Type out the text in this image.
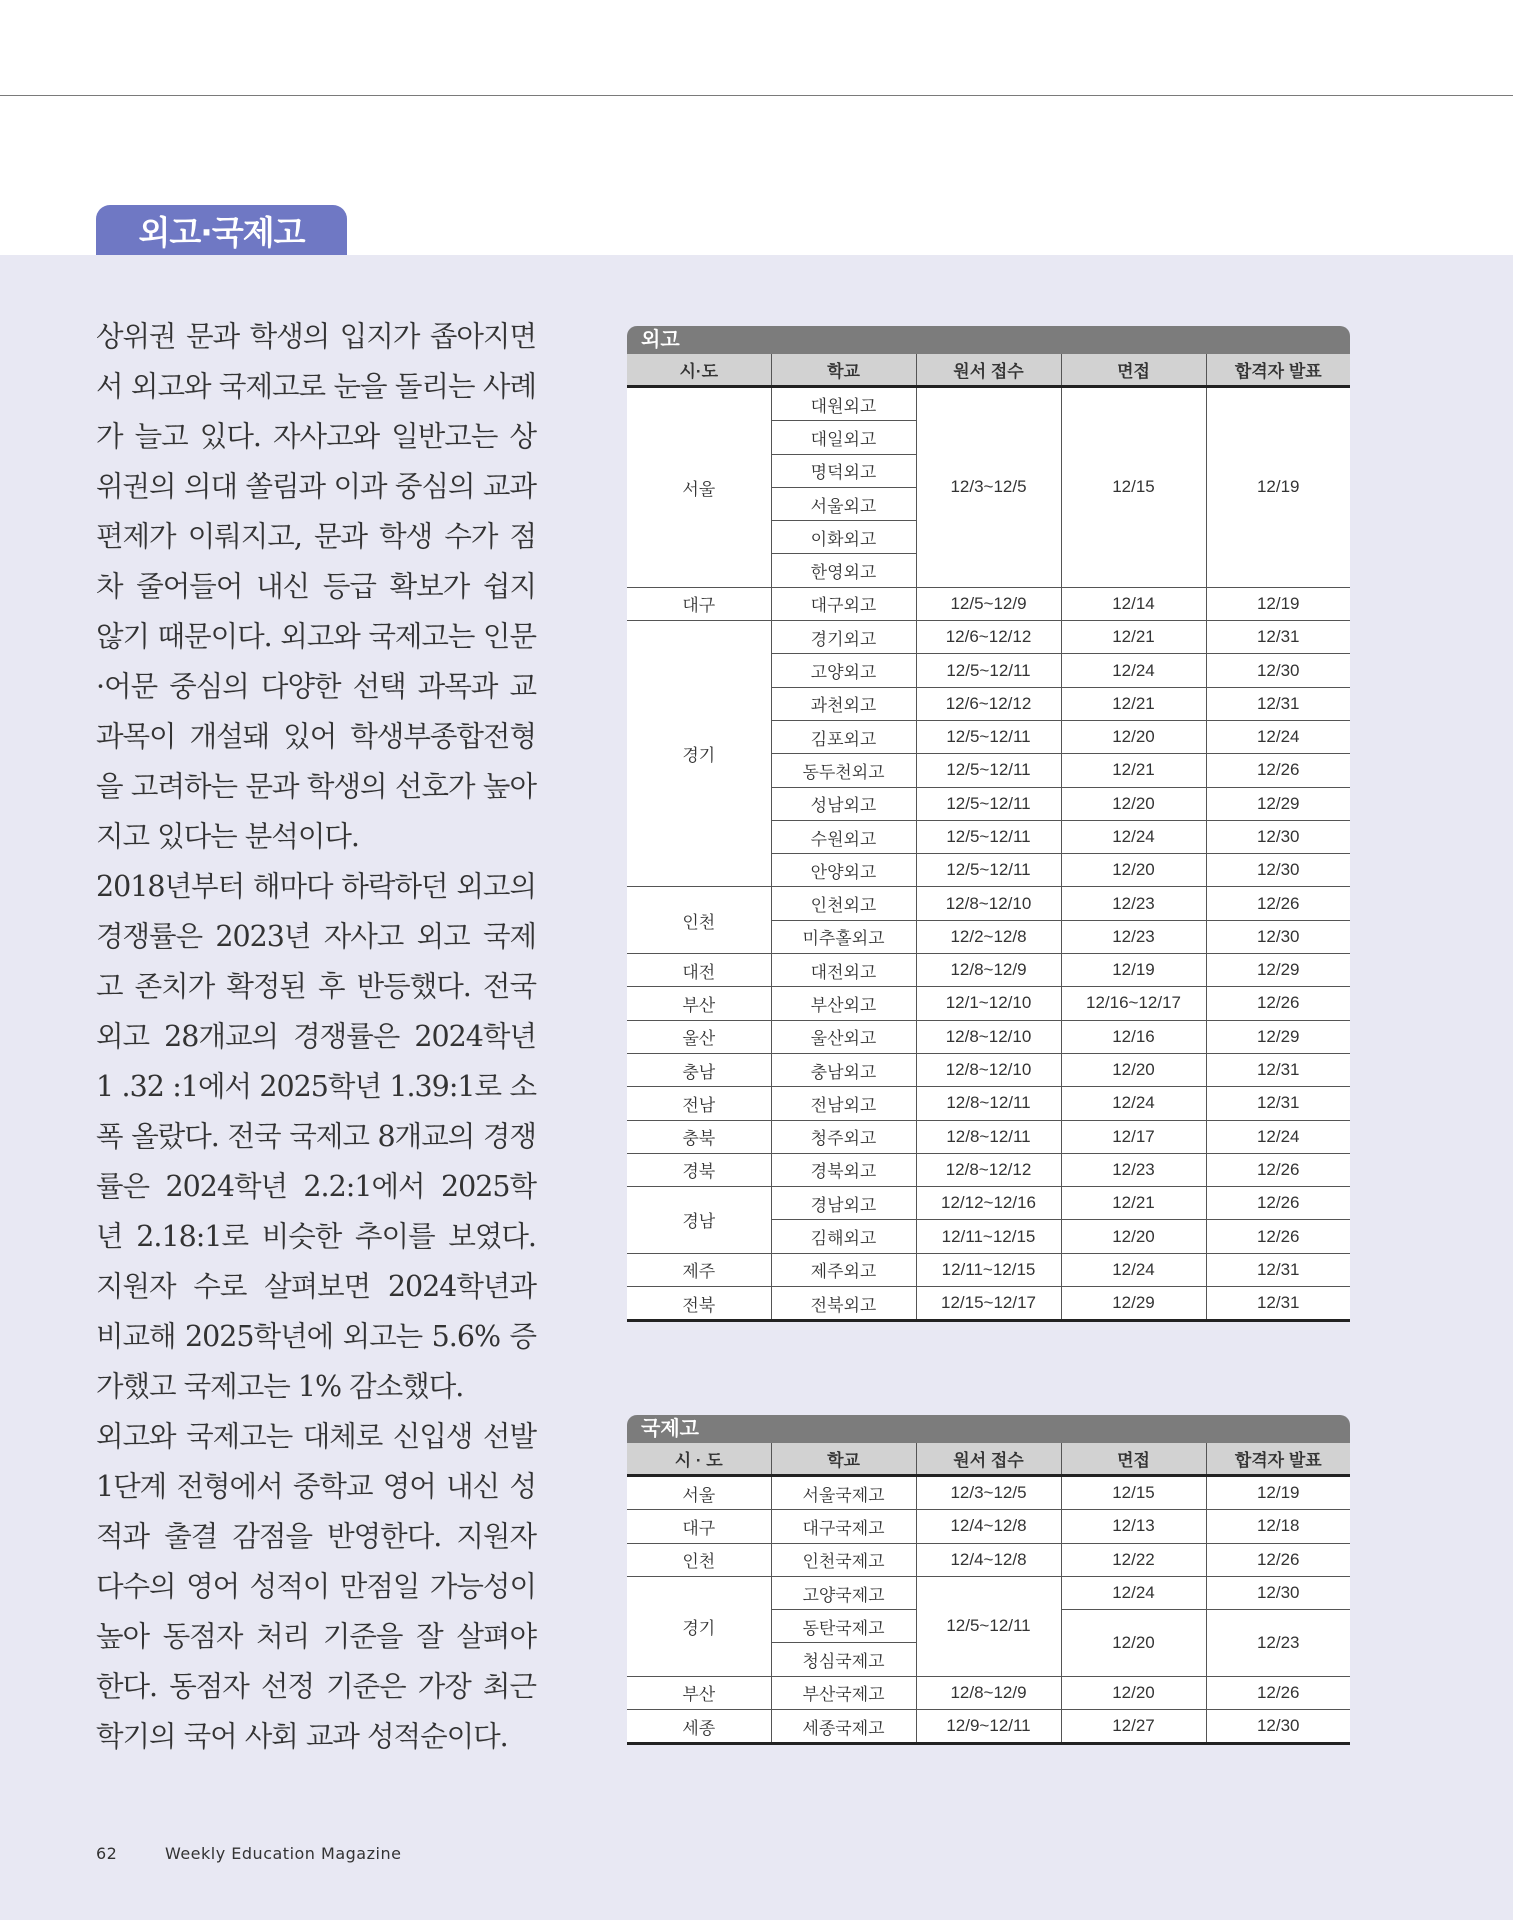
외고·국제고

상위권 문과 학생의 입지가 좁아지면서 외고와 국제고로 눈을 돌리는 사례가 늘고 있다. 자사고와 일반고는 상위권의 의대 쏠림과 이과 중심의 교과 편제가 이뤄지고, 문과 학생 수가 점차 줄어들어 내신 등급 확보가 쉽지 않기 때문이다. 외고와 국제고는 인문·어문 중심의 다양한 선택 과목과 교과목이 개설돼 있어 학생부종합전형을 고려하는 문과 학생의 선호가 높아지고 있다는 분석이다.

2018년부터 해마다 하락하던 외고의 경쟁률은 2023년 자사고 외고 국제고 존치가 확정된 후 반등했다. 전국 외고 28개교의 경쟁률은 2024학년 1 .32 :1에서 2025학년 1.39:1로 소폭 올랐다. 전국 국제고 8개교의 경쟁률은 2024학년 2.2:1에서 2025학년 2.18:1로 비슷한 추이를 보였다. 지원자 수로 살펴보면 2024학년과 비교해 2025학년에 외고는 5.6% 증가했고 국제고는 1% 감소했다.

외고와 국제고는 대체로 신입생 선발 1단계 전형에서 중학교 영어 내신 성적과 출결 감점을 반영한다. 지원자 다수의 영어 성적이 만점일 가능성이 높아 동점자 처리 기준을 잘 살펴야 한다. 동점자 선정 기준은 가장 최근 학기의 국어 사회 교과 성적순이다.

외고
시·도	학교	원서 접수	면접	합격자 발표
서울	대원외고	12/3~12/5	12/15	12/19
	대일외고			
	명덕외고			
	서울외고			
	이화외고			
	한영외고			
대구	대구외고	12/5~12/9	12/14	12/19
경기	경기외고	12/6~12/12	12/21	12/31
	고양외고	12/5~12/11	12/24	12/30
	과천외고	12/6~12/12	12/21	12/31
	김포외고	12/5~12/11	12/20	12/24
	동두천외고	12/5~12/11	12/21	12/26
	성남외고	12/5~12/11	12/20	12/29
	수원외고	12/5~12/11	12/24	12/30
	안양외고	12/5~12/11	12/20	12/30
인천	인천외고	12/8~12/10	12/23	12/26
	미추홀외고	12/2~12/8	12/23	12/30
대전	대전외고	12/8~12/9	12/19	12/29
부산	부산외고	12/1~12/10	12/16~12/17	12/26
울산	울산외고	12/8~12/10	12/16	12/29
충남	충남외고	12/8~12/10	12/20	12/31
전남	전남외고	12/8~12/11	12/24	12/31
충북	청주외고	12/8~12/11	12/17	12/24
경북	경북외고	12/8~12/12	12/23	12/26
경남	경남외고	12/12~12/16	12/21	12/26
	김해외고	12/11~12/15	12/20	12/26
제주	제주외고	12/11~12/15	12/24	12/31
전북	전북외고	12/15~12/17	12/29	12/31
국제고
시 · 도	학교	원서 접수	면접	합격자 발표
서울	서울국제고	12/3~12/5	12/15	12/19
대구	대구국제고	12/4~12/8	12/13	12/18
인천	인천국제고	12/4~12/8	12/22	12/26
경기	고양국제고	12/5~12/11	12/24	12/30
	동탄국제고		12/20	12/23
	청심국제고			
부산	부산국제고	12/8~12/9	12/20	12/26
세종	세종국제고	12/9~12/11	12/27	12/30
62	Weekly Education Magazine
